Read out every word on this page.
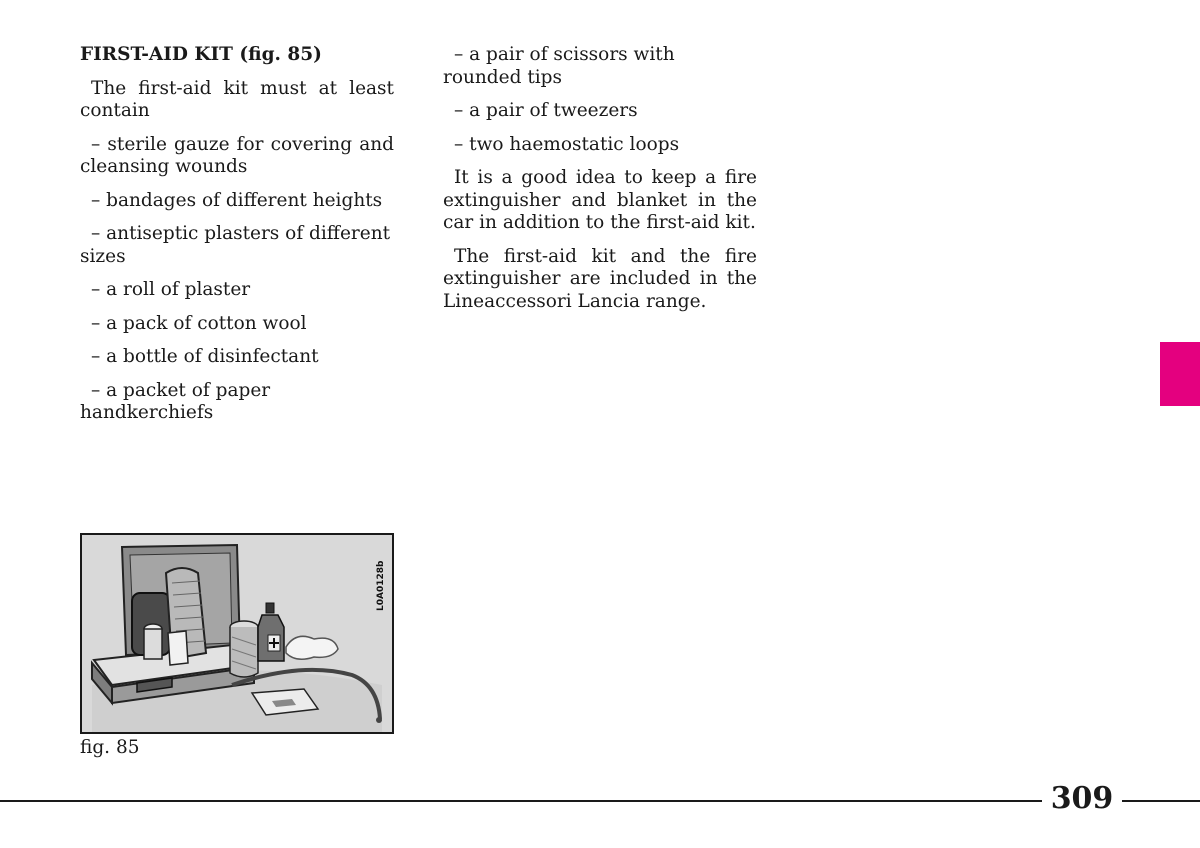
FIRST-AID KIT (fig. 85)

The first-aid kit must at least contain

– sterile gauze for covering and cleansing wounds

– bandages of different heights

– antiseptic plasters of different sizes

– a roll of plaster

– a pack of cotton wool

– a bottle of disinfectant

– a packet of paper handkerchiefs

– a pair of scissors with rounded tips

– a pair of tweezers

– two haemostatic loops

It is a good idea to keep a fire extinguisher and blanket in the car in addition to the first-aid kit.

The first-aid kit and the fire extinguisher are included in the Lineaccessori Lancia range.

L0A0128b
fig. 85
309
